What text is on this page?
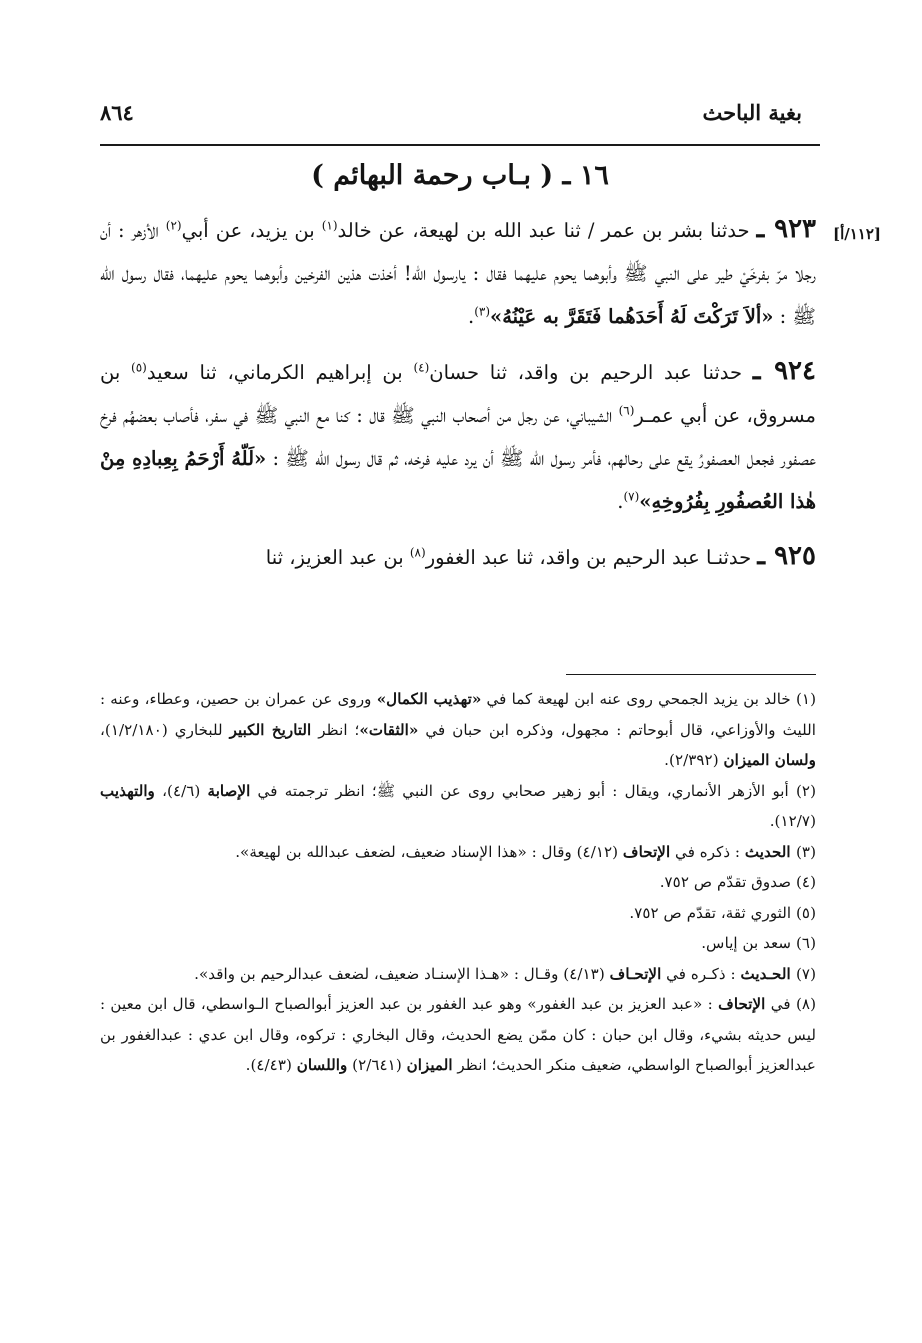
بغية الباحث
٨٦٤
١٦ ـ ( بـاب رحمة البهائم )
[١١٢/أ]

٩٢٣ ـ حدثنا بشر بن عمر / ثنا عبد الله بن لهيعة، عن خالد$^{(١)}$ بن يزيد، عن أبي$^{(٢)}$ الأزهر : أن رجلا مرّ بفرخَيْ طير على النبي ﷺ وأبوهما يحوم عليهما فقال : يارسول الله! أخذت هذين الفرخين وأبوهما يحوم عليهما، فقال رسول الله ﷺ : «ألاَ تَرَكْتَ لَهُ أَحَدَهُما فَتَقَرَّ به عَيْنُهُ»$^{(٣)}$.

٩٢٤ ـ حدثنا عبد الرحيم بن واقد، ثنا حسان$^{(٤)}$ بن إبراهيم الكرماني، ثنا سعيد$^{(٥)}$ بن مسروق، عن أبي عمـر$^{(٦)}$ الشيباني، عن رجل من أصحاب النبي ﷺ قال : كنا مع النبي ﷺ في سفر، فأصاب بعضهُم فرخ عصفور فجعل العصفورُ يقع على رحالهم، فأمر رسول الله ﷺ أن يرد عليه فرخه، ثم قال رسول الله ﷺ : «لَلّهُ أَرْحَمُ بِعِبادِهِ مِنْ هٰذا العُصفُورِ بِفُرُوخِهِ»$^{(٧)}$.

٩٢٥ ـ حدثنـا عبد الرحيم بن واقد، ثنا عبد الغفور$^{(٨)}$ بن عبد العزيز، ثنا

(١) خالد بن يزيد الجمحي روى عنه ابن لهيعة كما في «تهذيب الكمال» وروى عن عمران بن حصين، وعطاء، وعنه : الليث والأوزاعي، قال أبوحاتم : مجهول، وذكره ابن حبان في «الثقات»؛ انظر التاريخ الكبير للبخاري (١/٢/١٨٠)، ولسان الميزان (٢/٣٩٢).

(٢) أبو الأزهر الأنماري، ويقال : أبو زهير صحابي روى عن النبي ﷺ؛ انظر ترجمته في الإصابة (٤/٦)، والتهذيب (١٢/٧).

(٣) الحديث : ذكره في الإتحاف (٤/١٢) وقال : «هذا الإسناد ضعيف، لضعف عبدالله بن لهيعة».

(٤) صدوق تقدّم ص ٧٥٢.

(٥) الثوري ثقة، تقدّم ص ٧٥٢.

(٦) سعد بن إياس.

(٧) الحـديث : ذكـره في الإتحـاف (٤/١٣) وقـال : «هـذا الإسنـاد ضعيف، لضعف عبدالرحيم بن واقد».

(٨) في الإتحاف : «عبد العزيز بن عبد الغفور» وهو عبد الغفور بن عبد العزيز أبوالصباح الـواسطي، قال ابن معين : ليس حديثه بشيء، وقال ابن حبان : كان ممّن يضع الحديث، وقال البخاري : تركوه، وقال ابن عدي : عبدالغفور بن عبدالعزيز أبوالصباح الواسطي، ضعيف منكر الحديث؛ انظر الميزان (٢/٦٤١) واللسان (٤/٤٣).
